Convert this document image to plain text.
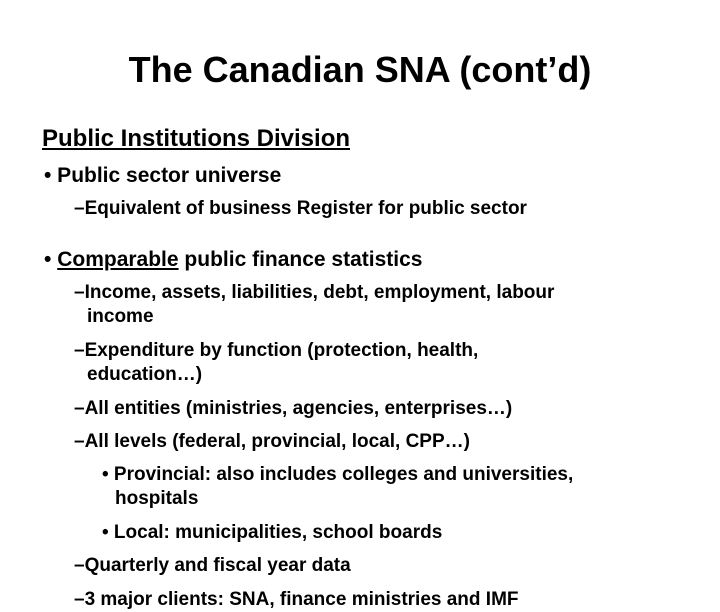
The Canadian SNA (cont’d)
Public Institutions Division
• Public sector universe
–Equivalent of business Register for public sector
• Comparable public finance statistics
–Income, assets, liabilities, debt, employment, labour
income
–Expenditure by function (protection, health,
education…)
–All entities (ministries, agencies, enterprises…)
–All levels (federal, provincial, local, CPP…)
• Provincial: also includes colleges and universities,
hospitals
• Local: municipalities, school boards
–Quarterly and fiscal year data
–3 major clients: SNA, finance ministries and IMF
